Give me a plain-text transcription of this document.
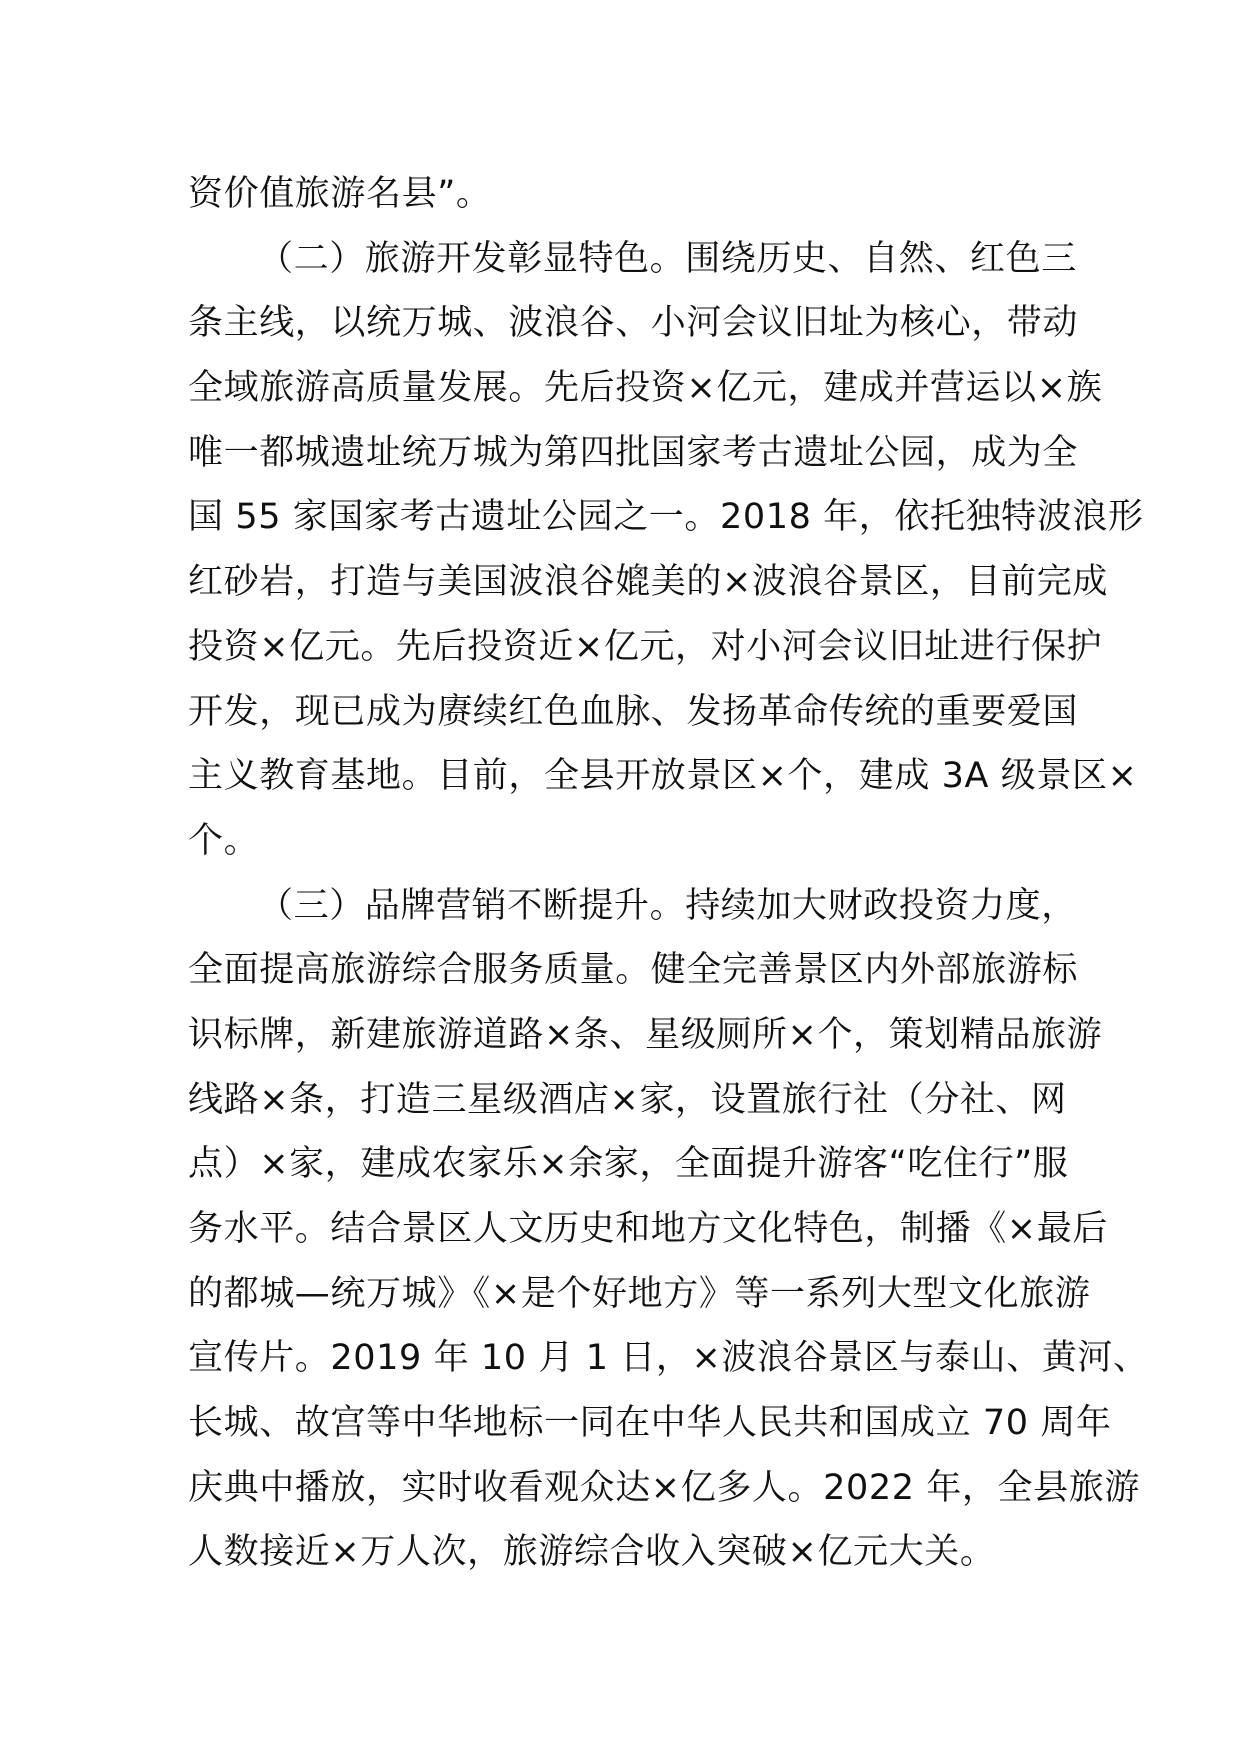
资价值旅游名县”。
（二）旅游开发彰显特色。围绕历史、自然、红色三
条主线，以统万城、波浪谷、小河会议旧址为核心，带动
全域旅游高质量发展。先后投资×亿元，建成并营运以×族
唯一都城遗址统万城为第四批国家考古遗址公园，成为全
国 55 家国家考古遗址公园之一。2018 年，依托独特波浪形
红砂岩，打造与美国波浪谷媲美的×波浪谷景区，目前完成
投资×亿元。先后投资近×亿元，对小河会议旧址进行保护
开发，现已成为赓续红色血脉、发扬革命传统的重要爱国
主义教育基地。目前，全县开放景区×个，建成 3A 级景区×
个。
（三）品牌营销不断提升。持续加大财政投资力度，
全面提高旅游综合服务质量。健全完善景区内外部旅游标
识标牌，新建旅游道路×条、星级厕所×个，策划精品旅游
线路×条，打造三星级酒店×家，设置旅行社（分社、网
点）×家，建成农家乐×余家，全面提升游客“吃住行”服
务水平。结合景区人文历史和地方文化特色，制播《×最后
的都城—统万城》《×是个好地方》等一系列大型文化旅游
宣传片。2019 年 10 月 1 日，×波浪谷景区与泰山、黄河、
长城、故宫等中华地标一同在中华人民共和国成立 70 周年
庆典中播放，实时收看观众达×亿多人。2022 年，全县旅游
人数接近×万人次，旅游综合收入突破×亿元大关。
